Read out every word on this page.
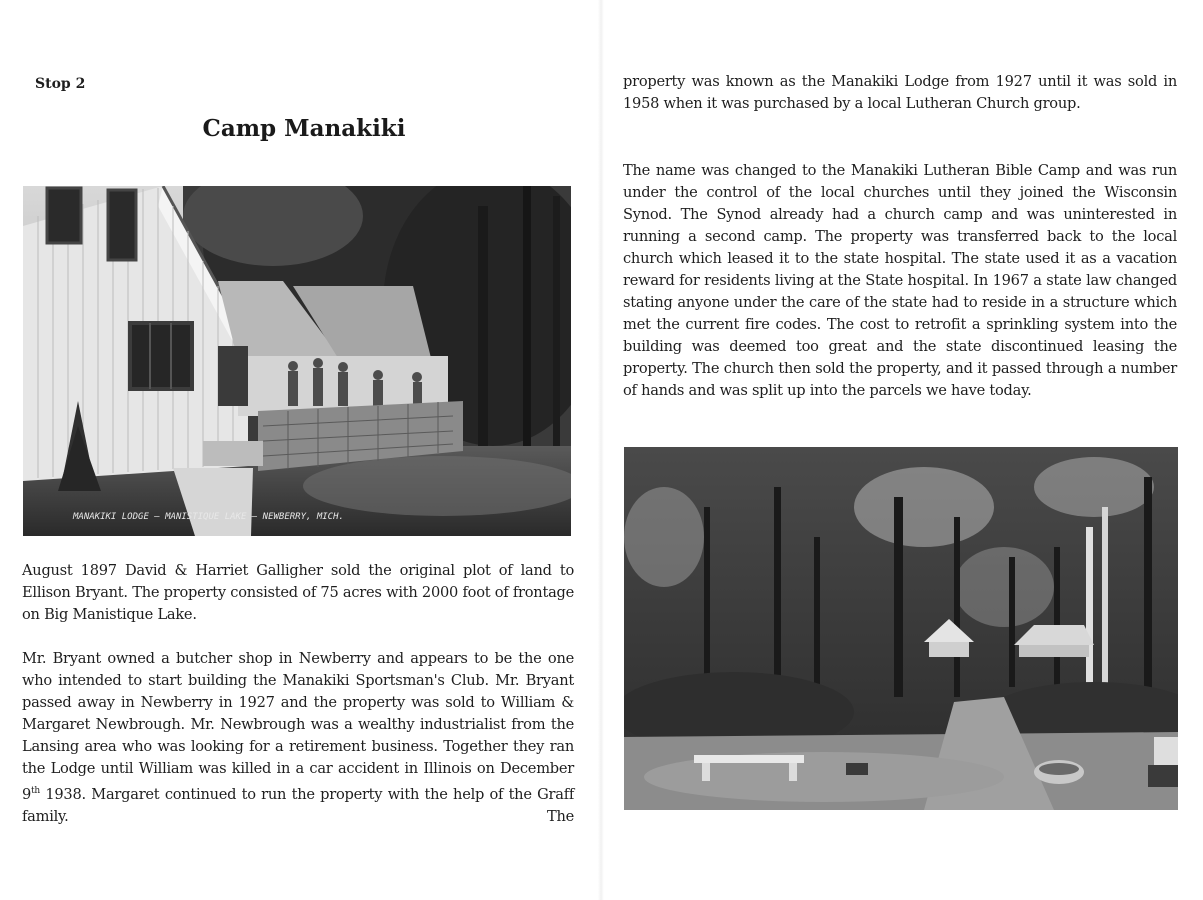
Stop 2
Camp Manakiki
MANAKIKI LODGE — MANISTIQUE LAKE — NEWBERRY, MICH.

August 1897 David & Harriet Galligher sold the original plot of land to Ellison Bryant. The property consisted of 75 acres with 2000 foot of frontage on Big Manistique Lake.

Mr. Bryant owned a butcher shop in Newberry and appears to be the one who intended to start building the Manakiki Sportsman's Club. Mr. Bryant passed away in Newberry in 1927 and the property was sold to William & Margaret Newbrough. Mr. Newbrough was a wealthy industrialist from the Lansing area who was looking for a retirement business. Together they ran the Lodge until William was killed in a car accident in Illinois on December 9th 1938. Margaret continued to run the property with the help of the Graff family. The

property was known as the Manakiki Lodge from 1927 until it was sold in 1958 when it was purchased by a local Lutheran Church group.

The name was changed to the Manakiki Lutheran Bible Camp and was run under the control of the local churches until they joined the Wisconsin Synod. The Synod already had a church camp and was uninterested in running a second camp. The property was transferred back to the local church which leased it to the state hospital. The state used it as a vacation reward for residents living at the State hospital. In 1967 a state law changed stating anyone under the care of the state had to reside in a structure which met the current fire codes. The cost to retrofit a sprinkling system into the building was deemed too great and the state discontinued leasing the property. The church then sold the property, and it passed through a number of hands and was split up into the parcels we have today.
